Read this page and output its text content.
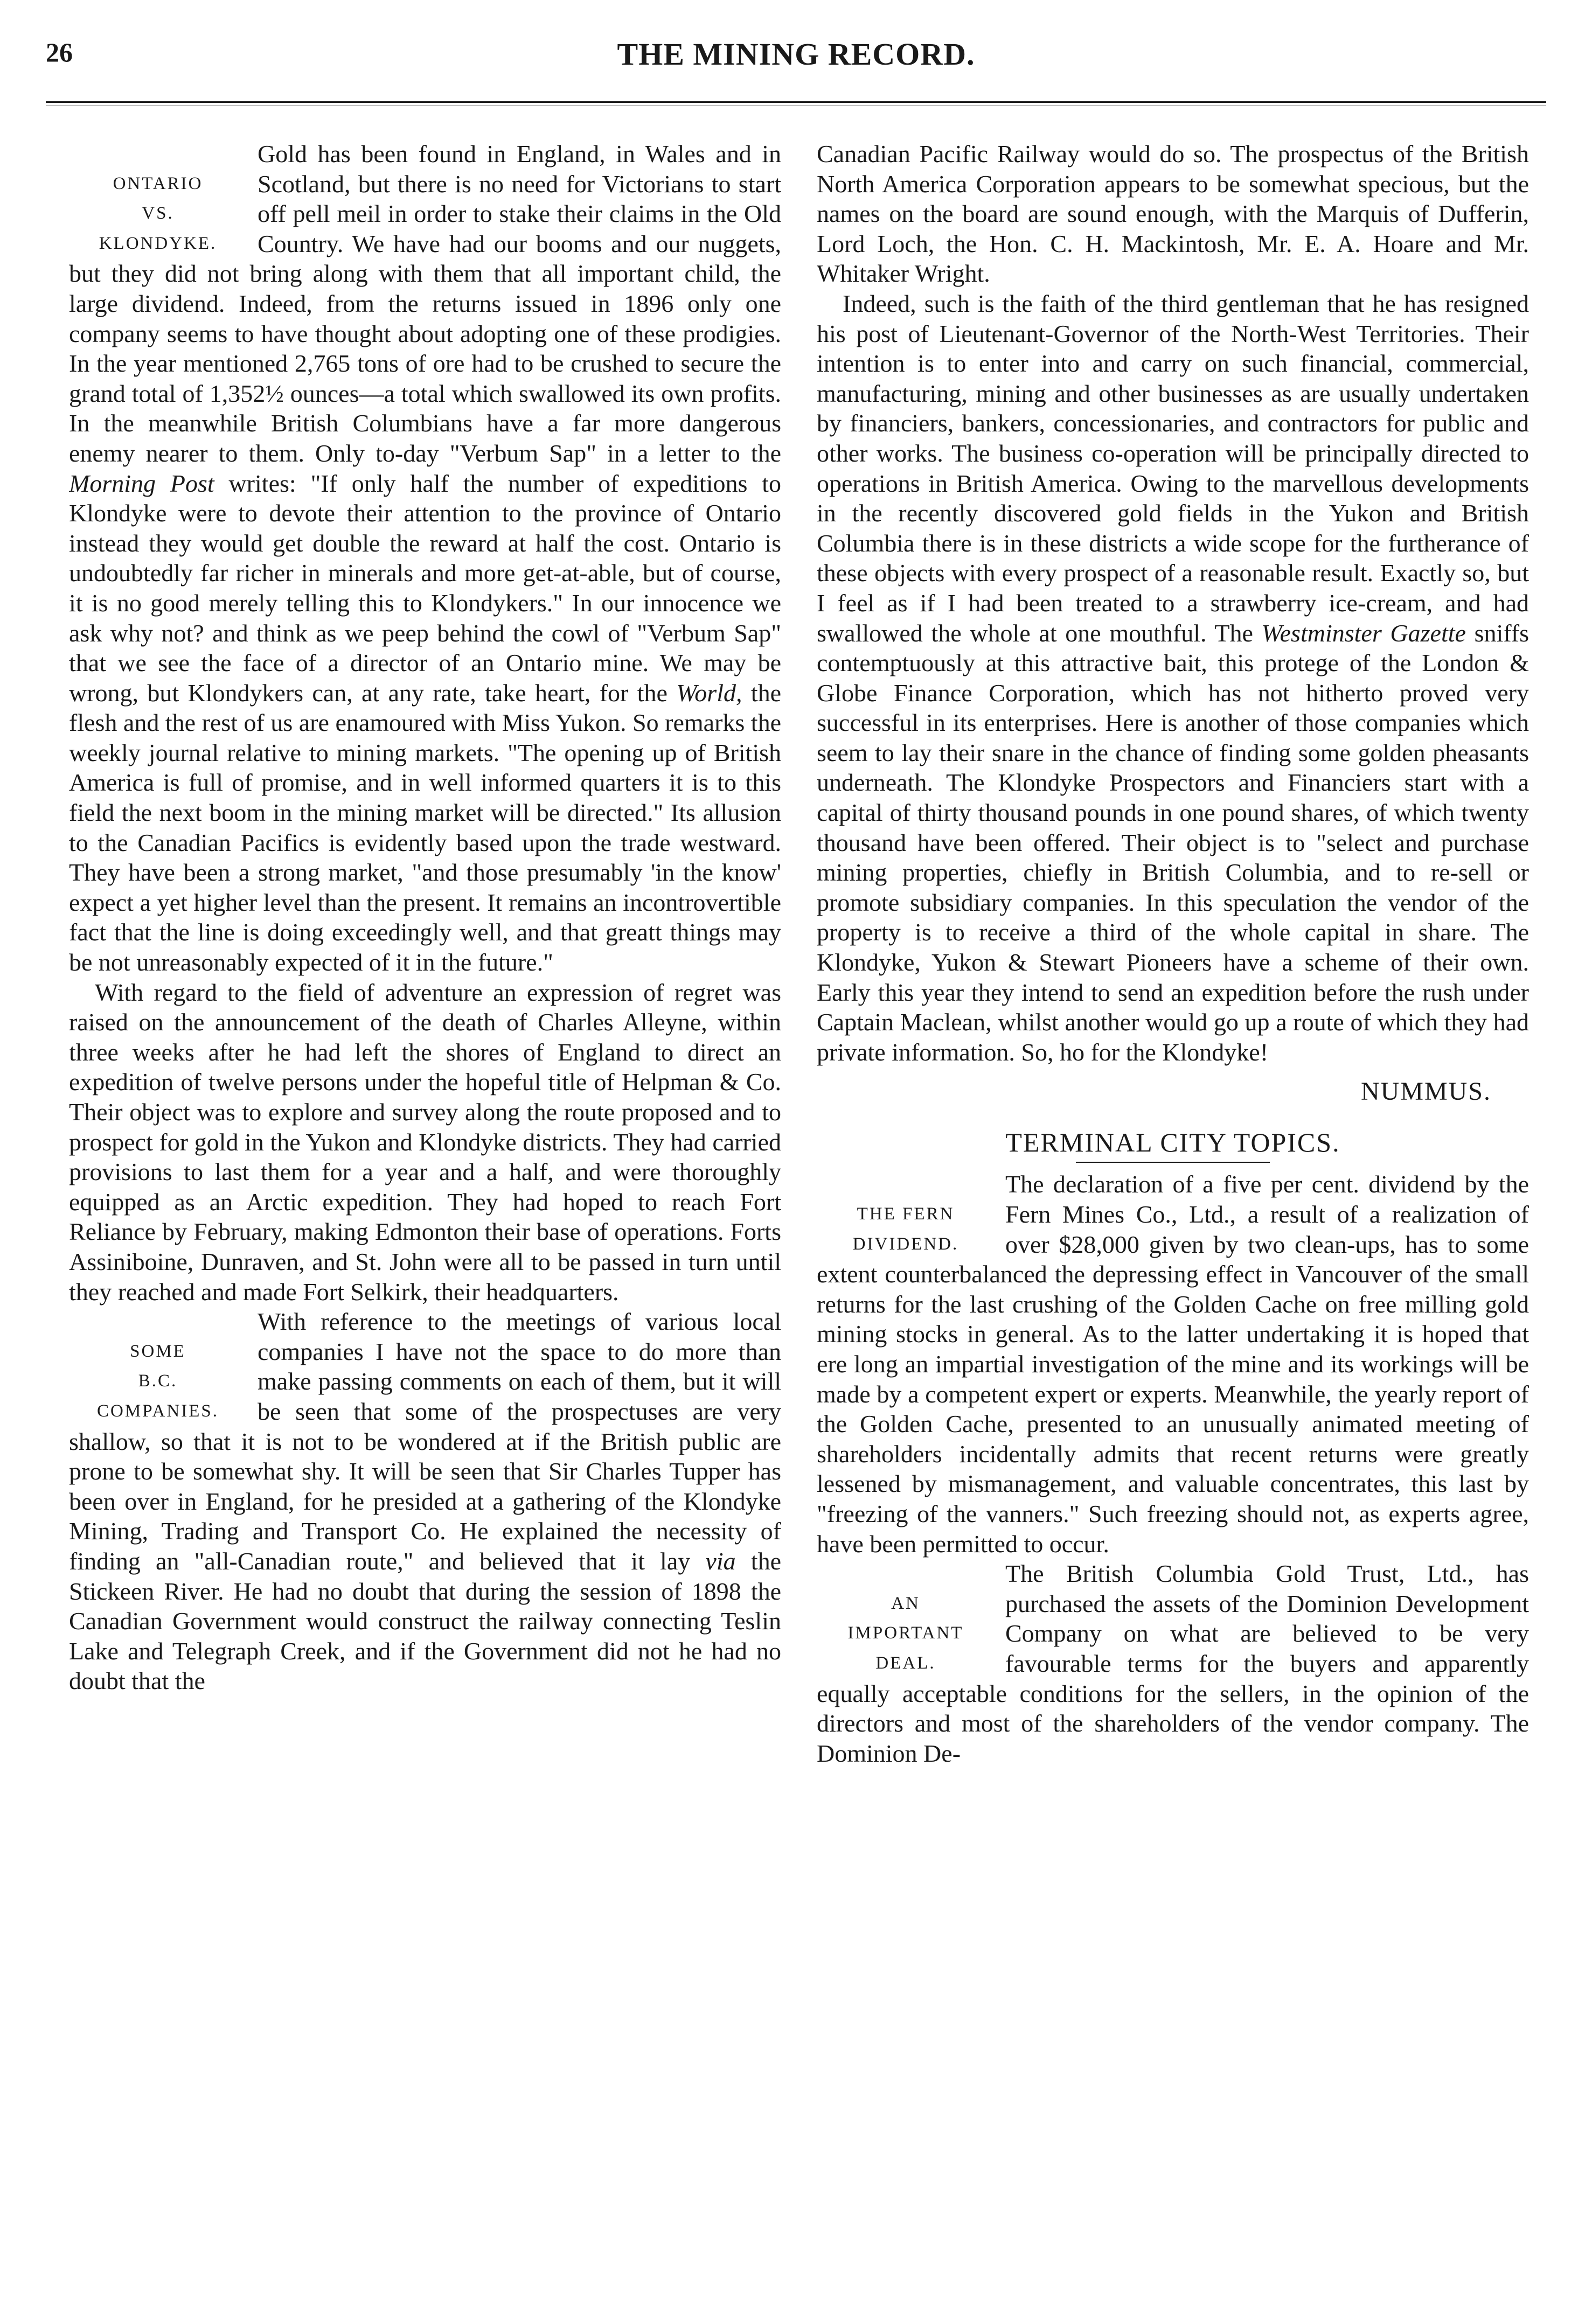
26	THE MINING RECORD.
ONTARIO
VS.
KLONDYKE.

Gold has been found in England, in Wales and in Scotland, but there is no need for Victorians to start off pell meil in order to stake their claims in the Old Country. We have had our booms and our nuggets, but they did not bring along with them that all important child, the large dividend. Indeed, from the returns issued in 1896 only one company seems to have thought about adopting one of these prodigies. In the year mentioned 2,765 tons of ore had to be crushed to secure the grand total of 1,352½ ounces—a total which swallowed its own profits. In the meanwhile British Columbians have a far more dangerous enemy nearer to them. Only to-day "Verbum Sap" in a letter to the Morning Post writes: "If only half the number of expeditions to Klondyke were to devote their attention to the province of Ontario instead they would get double the reward at half the cost. Ontario is undoubtedly far richer in minerals and more get-at-able, but of course, it is no good merely telling this to Klondykers." In our innocence we ask why not? and think as we peep behind the cowl of "Verbum Sap" that we see the face of a director of an Ontario mine. We may be wrong, but Klondykers can, at any rate, take heart, for the World, the flesh and the rest of us are enamoured with Miss Yukon. So remarks the weekly journal relative to mining markets. "The opening up of British America is full of promise, and in well informed quarters it is to this field the next boom in the mining market will be directed." Its allusion to the Canadian Pacifics is evidently based upon the trade westward. They have been a strong market, "and those presumably 'in the know' expect a yet higher level than the present. It remains an incontrovertible fact that the line is doing exceedingly well, and that greatt things may be not unreasonably expected of it in the future."

With regard to the field of adventure an expression of regret was raised on the announcement of the death of Charles Alleyne, within three weeks after he had left the shores of England to direct an expedition of twelve persons under the hopeful title of Helpman & Co. Their object was to explore and survey along the route proposed and to prospect for gold in the Yukon and Klondyke districts. They had carried provisions to last them for a year and a half, and were thoroughly equipped as an Arctic expedition. They had hoped to reach Fort Reliance by February, making Edmonton their base of operations. Forts Assiniboine, Dunraven, and St. John were all to be passed in turn until they reached and made Fort Selkirk, their headquarters.

SOME
B.C.
COMPANIES.

With reference to the meetings of various local companies I have not the space to do more than make passing comments on each of them, but it will be seen that some of the prospectuses are very shallow, so that it is not to be wondered at if the British public are prone to be somewhat shy. It will be seen that Sir Charles Tupper has been over in England, for he presided at a gathering of the Klondyke Mining, Trading and Transport Co. He explained the necessity of finding an "all-Canadian route," and believed that it lay via the Stickeen River. He had no doubt that during the session of 1898 the Canadian Government would construct the railway connecting Teslin Lake and Telegraph Creek, and if the Government did not he had no doubt that the

Canadian Pacific Railway would do so. The prospectus of the British North America Corporation appears to be somewhat specious, but the names on the board are sound enough, with the Marquis of Dufferin, Lord Loch, the Hon. C. H. Mackintosh, Mr. E. A. Hoare and Mr. Whitaker Wright.

Indeed, such is the faith of the third gentleman that he has resigned his post of Lieutenant-Governor of the North-West Territories. Their intention is to enter into and carry on such financial, commercial, manufacturing, mining and other businesses as are usually undertaken by financiers, bankers, concessionaries, and contractors for public and other works. The business co-operation will be principally directed to operations in British America. Owing to the marvellous developments in the recently discovered gold fields in the Yukon and British Columbia there is in these districts a wide scope for the furtherance of these objects with every prospect of a reasonable result. Exactly so, but I feel as if I had been treated to a strawberry ice-cream, and had swallowed the whole at one mouthful. The Westminster Gazette sniffs contemptuously at this attractive bait, this protege of the London & Globe Finance Corporation, which has not hitherto proved very successful in its enterprises. Here is another of those companies which seem to lay their snare in the chance of finding some golden pheasants underneath. The Klondyke Prospectors and Financiers start with a capital of thirty thousand pounds in one pound shares, of which twenty thousand have been offered. Their object is to "select and purchase mining properties, chiefly in British Columbia, and to re-sell or promote subsidiary companies. In this speculation the vendor of the property is to receive a third of the whole capital in share. The Klondyke, Yukon & Stewart Pioneers have a scheme of their own. Early this year they intend to send an expedition before the rush under Captain Maclean, whilst another would go up a route of which they had private information. So, ho for the Klondyke!

NUMMUS.
TERMINAL CITY TOPICS.
THE FERN
DIVIDEND.

The declaration of a five per cent. dividend by the Fern Mines Co., Ltd., a result of a realization of over $28,000 given by two clean-ups, has to some extent counterbalanced the depressing effect in Vancouver of the small returns for the last crushing of the Golden Cache on free milling gold mining stocks in general. As to the latter undertaking it is hoped that ere long an impartial investigation of the mine and its workings will be made by a competent expert or experts. Meanwhile, the yearly report of the Golden Cache, presented to an unusually animated meeting of shareholders incidentally admits that recent returns were greatly lessened by mismanagement, and valuable concentrates, this last by "freezing of the vanners." Such freezing should not, as experts agree, have been permitted to occur.

AN
IMPORTANT
DEAL.

The British Columbia Gold Trust, Ltd., has purchased the assets of the Dominion Development Company on what are believed to be very favourable terms for the buyers and apparently equally acceptable conditions for the sellers, in the opinion of the directors and most of the shareholders of the vendor company. The Dominion De-
